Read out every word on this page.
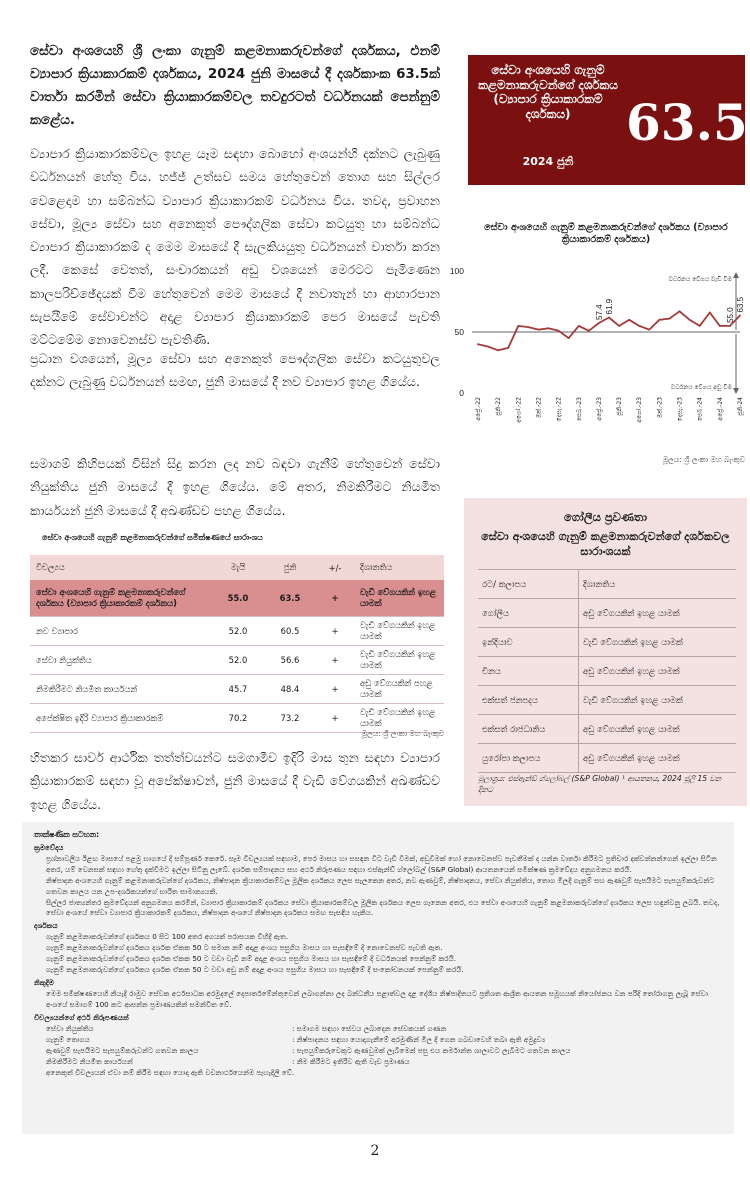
සේවා අංශයෙහි ශ්‍රී ලංකා ගැනුම් කළමනාකරුවන්ගේ දර්ශකය, එනම් ව්‍යාපාර ක්‍රියාකාරකම් දර්ශකය, 2024 ජුනි මාසයේ දී දර්ශකාංක 63.5ක් වාර්තා කරමින් සේවා ක්‍රියාකාරකම්වල තවදුරටත් වර්ධනයක් පෙන්නුම් කළේය.
ව්‍යාපාර ක්‍රියාකාරකම්වල ඉහළ යෑම සඳහා බොහෝ අංශයන්හි දක්නට ලැබුණු වර්ධනයන් හේතු විය. හජ්ජ් උත්සව සමය හේතුවෙන් තොග සහ සිල්ලර වෙළෙදාම හා සම්බන්ධ ව්‍යාපාර ක්‍රියාකාරකම් වර්ධනය විය. තවද, ප්‍රවාහන සේවා, මූල්‍ය සේවා සහ අනෙකුත් පෞද්ගලික සේවා කටයුතු හා සම්බන්ධ ව්‍යාපාර ක්‍රියාකාරකම් ද මෙම මාසයේ දී සැලකියයුතු වර්ධනයන් වාර්තා කරන ලදී. කෙසේ වෙතත්, සංචාරකයන් අඩු වශයෙන් මෙරටට පැමිණෙන කාලපරිච්ඡේදයක් වීම හේතුවෙන් මෙම මාසයේ දී නවාතැන් හා ආහාරපාන සැපයීමේ සේවාවන්ට අදාළ ව්‍යාපාර ක්‍රියාකාරකම් පෙර මාසයේ පැවති මට්ටමේම නොවෙනස්ව පැවතිණි.
ප්‍රධාන වශයෙන්, මූල්‍ය සේවා සහ අනෙකුත් පෞද්ගලික සේවා කටයුතුවල දක්නට ලැබුණු වර්ධනයන් සමඟ, ජුනි මාසයේ දී නව ව්‍යාපාර ඉහළ ගියේය.
සමාගම් කිහිපයක් විසින් සිදු කරන ලද නව බඳවා ගැනීම් හේතුවෙන් සේවා නියුක්තිය ජුනි මාසයේ දී ඉහළ ගියේය. මේ අතර, නිමකිරීමට නියමිත කාර්යයන් ජුනි මාසයේ දී අඛණ්ඩව පහළ ගියේය.
හිතකර සාර්ව ආර්ථික තත්ත්වයන්ට සමගාමීව ඉදිරි මාස තුන සඳහා ව්‍යාපාර ක්‍රියාකාරකම් සඳහා වූ අපේක්ෂාවන්, ජුනි මාසයේ දී වැඩි වේගයකින් අඛණ්ඩව ඉහළ ගියේය.
සේවා අංශයෙහි ගැනුම් කළමනාකරුවන්ගේ දර්ශකය (ව්‍යාපාර ක්‍රියාකාරකම් දර්ශකය)
2024 ජුනි
63.5
සේවා අංශයෙහි ගැනුම් කළමනාකරුවන්ගේ දර්ශකය (ව්‍යාපාර ක්‍රියාකාරකම් දර්ශකය)
0
50
100
වර්ධනය වේගය වැඩි වීම
වර්ධනය වේගය අඩු වීම
57.4 61.9
55.0
63.5
අප්‍රේ.-22 ජූනි-22 අගෝ.-22 ඔක්.-22 දෙසැ.-22 පෙබ.-23 අප්‍රේ.-23 ජූනි-23 අගෝ.-23 ඔක්.-23 දෙසැ.-23 පෙබ.-24 අප්‍රේ.-24 ජූනි-24
මූලය: ශ්‍රී ලංකා මහ බැංකුව
සේවා අංශයෙහි ගැනුම් කළමනාකරුවන්ගේ සමීක්ෂණයේ සාරාංශය
විචල්‍යය	මැයි	ජුනි	+/-	දිශානතිය
සේවා අංශයෙහි ගැනුම් කළමනාකරුවන්ගේ දර්ශකය (ව්‍යාපාර ක්‍රියාකාරකම් දර්ශකය)	55.0	63.5	+	වැඩි වේගයකින් ඉහළ යාමක්
නව ව්‍යාපාර	52.0	60.5	+	වැඩි වේගයකින් ඉහළ යාමක්
සේවා නියුක්තිය	52.0	56.6	+	වැඩි වේගයකින් ඉහළ යාමක්
නිමකිරීමට නියමිත කාර්යයන්	45.7	48.4	+	අඩු වේගයකින් පහළ යාමක්
අපේක්ෂිත ඉදිරි ව්‍යාපාර ක්‍රියාකාරකම්	70.2	73.2	+	වැඩි වේගයකින් ඉහළ යාමක්
මූලය: ශ්‍රී ලංකා මහ බැංකුව
ගෝලීය ප්‍රවණතා
සේවා අංශයෙහි ගැනුම් කළමනාකරුවන්ගේ දර්ශකවල සාරාංශයක්
රට/ කලාපය	දිශානතිය
ගෝලීය	අඩු වේගයකින් ඉහළ යාමක්
ඉන්දියාව	වැඩි වේගයකින් ඉහළ යාමක්
චීනය	අඩු වේගයකින් ඉහළ යාමක්
එක්සත් ජනපදය	වැඩි වේගයකින් ඉහළ යාමක්
එක්සත් රාජධානිය	අඩු වේගයකින් ඉහළ යාමක්
යුරෝපා කලාපය	අඩු වේගයකින් ඉහළ යාමක්
මූලාශ්‍රය: එස්ඇන්ඩ් ග්ලෝබල් (S&P Global) ¹ ආයතනය, 2024 ජූලි 15 වන දිනට

තාක්ෂණික සටහන:

ක්‍රමවේදය

ප්‍රශ්නාවලිය ඊළඟ මාසයේ පළමු භාගයේ දී සම්පූර්ණ කෙරේ. සෑම විචල්‍යයක් සඳහාම, පෙර මාසය හා සසඳන විට වැඩි වීමක්, අඩුවීමක් හෝ නොවෙනස්ව පැවතීමක් ද යන්න වාර්තා කිරීමට ප්‍රතිචාර දක්වන්නන්ගෙන් ඉල්ලා සිටින අතර, යම් වෙනසක් සඳහා හේතු දැක්වීමට ඉල්ලා සිටිනු ලැබේ. දර්ශක සම්පාදනය සහ අර්ථ නිරූපණය සඳහා එස්ඇන්ඩ් ග්ලෝබල් (S&P Global) ආයතනයෙන් සමීක්ෂණ ක්‍රමවේදය අනුගමනය කරයි.

නිෂ්පාදන අංශයෙහි ගැනුම් කළමනාකරුවන්ගේ දර්ශකය, නිෂ්පාදන ක්‍රියාකාරකම්වල මූලික දර්ශකය ලෙස සැලකෙන අතර, නව ඇණවුම්, නිෂ්පාදනය, සේවා නියුක්තිය, තොග මිලදී ගැනුම් සහ ඇණවුම් සැපයීමට සැපයුම්කරුවන්ට ගතවන කාලය යන උප-දර්ශකයන්ගේ භාරිත සාමාන්‍යයකි.

සිල්ලර ජාත්‍යන්තර ක්‍රමවේදයන් අනුගමනය කරමින්, ව්‍යාපාර ක්‍රියාකාරකම් දර්ශකය සේවා ක්‍රියාකාරකම්වල මූලික දර්ශකය ලෙස ගැනෙන අතර, එය සේවා අංශයෙහි ගැනුම් කළමනාකරුවන්ගේ දර්ශකය ලෙස හඳුන්වනු ලබයි. තවද, සේවා අංශයේ සේවා ව්‍යාපාර ක්‍රියාකාරකම් දර්ශකය, නිෂ්පාදන අංශයේ නිෂ්පාදන දර්ශකය සමඟ සැසඳිය හැකිය.

දර්ශකය

ගැනුම් කළමනාකරුවන්ගේ දර්ශකය 0 සිට 100 අතර අගයක් පරාසයක විහිදී ඇත.

ගැනුම් කළමනාකරුවන්ගේ දර්ශකය දර්ශක ඒකක 50 ට සමාන නම් අදාළ අංශය පසුගිය මාසය හා සැසඳීමේ දී නොවෙනස්ව පැවති ඇත.

ගැනුම් කළමනාකරුවන්ගේ දර්ශකය දර්ශක ඒකක 50 ට වඩා වැඩි නම් අදාළ අංශය පසුගිය මාසය හා සැසඳීමේ දී වර්ධනයක් පෙන්නුම් කරයි.

ගැනුම් කළමනාකරුවන්ගේ දර්ශකය දර්ශක ඒකක 50 ට වඩා අඩු නම් අදාළ අංශය පසුගිය මාසය හා සැසඳීමේ දී සංකෝචනයක් පෙන්නුම් කරයි.

නිකුදිම

මෙම සමීක්ෂණයෙහි නියැදි රාමුව සේවක අර්ථසාධක අරමුදලේ දෙපාර්තමේන්තුවෙන් ලබාගන්නා ලද බන්ධනීය පළාත්වල දළ දේශීය නිෂ්පාදිතයට ප්‍රතිශත ආශ්‍රිත ආයතන සමූහයක් නියෝජනය වන පරිදි තෝරාගනු ලැබූ සේවා අංශයේ සමාගම් 100 කට ආසන්න ප්‍රමාණයකින් සමන්විත වේ.

විචල්‍යයන්ගේ අර්ථ නිරූපණයන්

සේවා නියුක්තිය	: සමාගම සඳහා සේවය ලබාදෙන සේවකයන් ගණන
ගැනුම් තොගය	: නිෂ්පාදනය සඳහා යොදාගැනීමේ අරමුණින් මිල දී ගෙන ගබඩාවෙහි තබා ඇති අමුද්‍රව්‍ය
ඇණවුම් සැපයීමට සැපයුම්කරුවන්ට ගතවන කාලය	: සැපයුම්කරුවෙකුට ඇණවුමක් ලැබීමෙන් පසු එය කර්මාන්ත ශාලාවට ලැබීමට ගතවන කාලය
නිමකිරීමට නියමිත කාර්යයන්	: නිම කිරීමට ඉතිරිව ඇති වැඩ ප්‍රමාණය

අනෙකුත් විචල්‍යයන් ඒවා නම් කිරීම සඳහා යොදා ඇති වචනාර්ථයෙන්ම පැහැදිලි වේ.

2
